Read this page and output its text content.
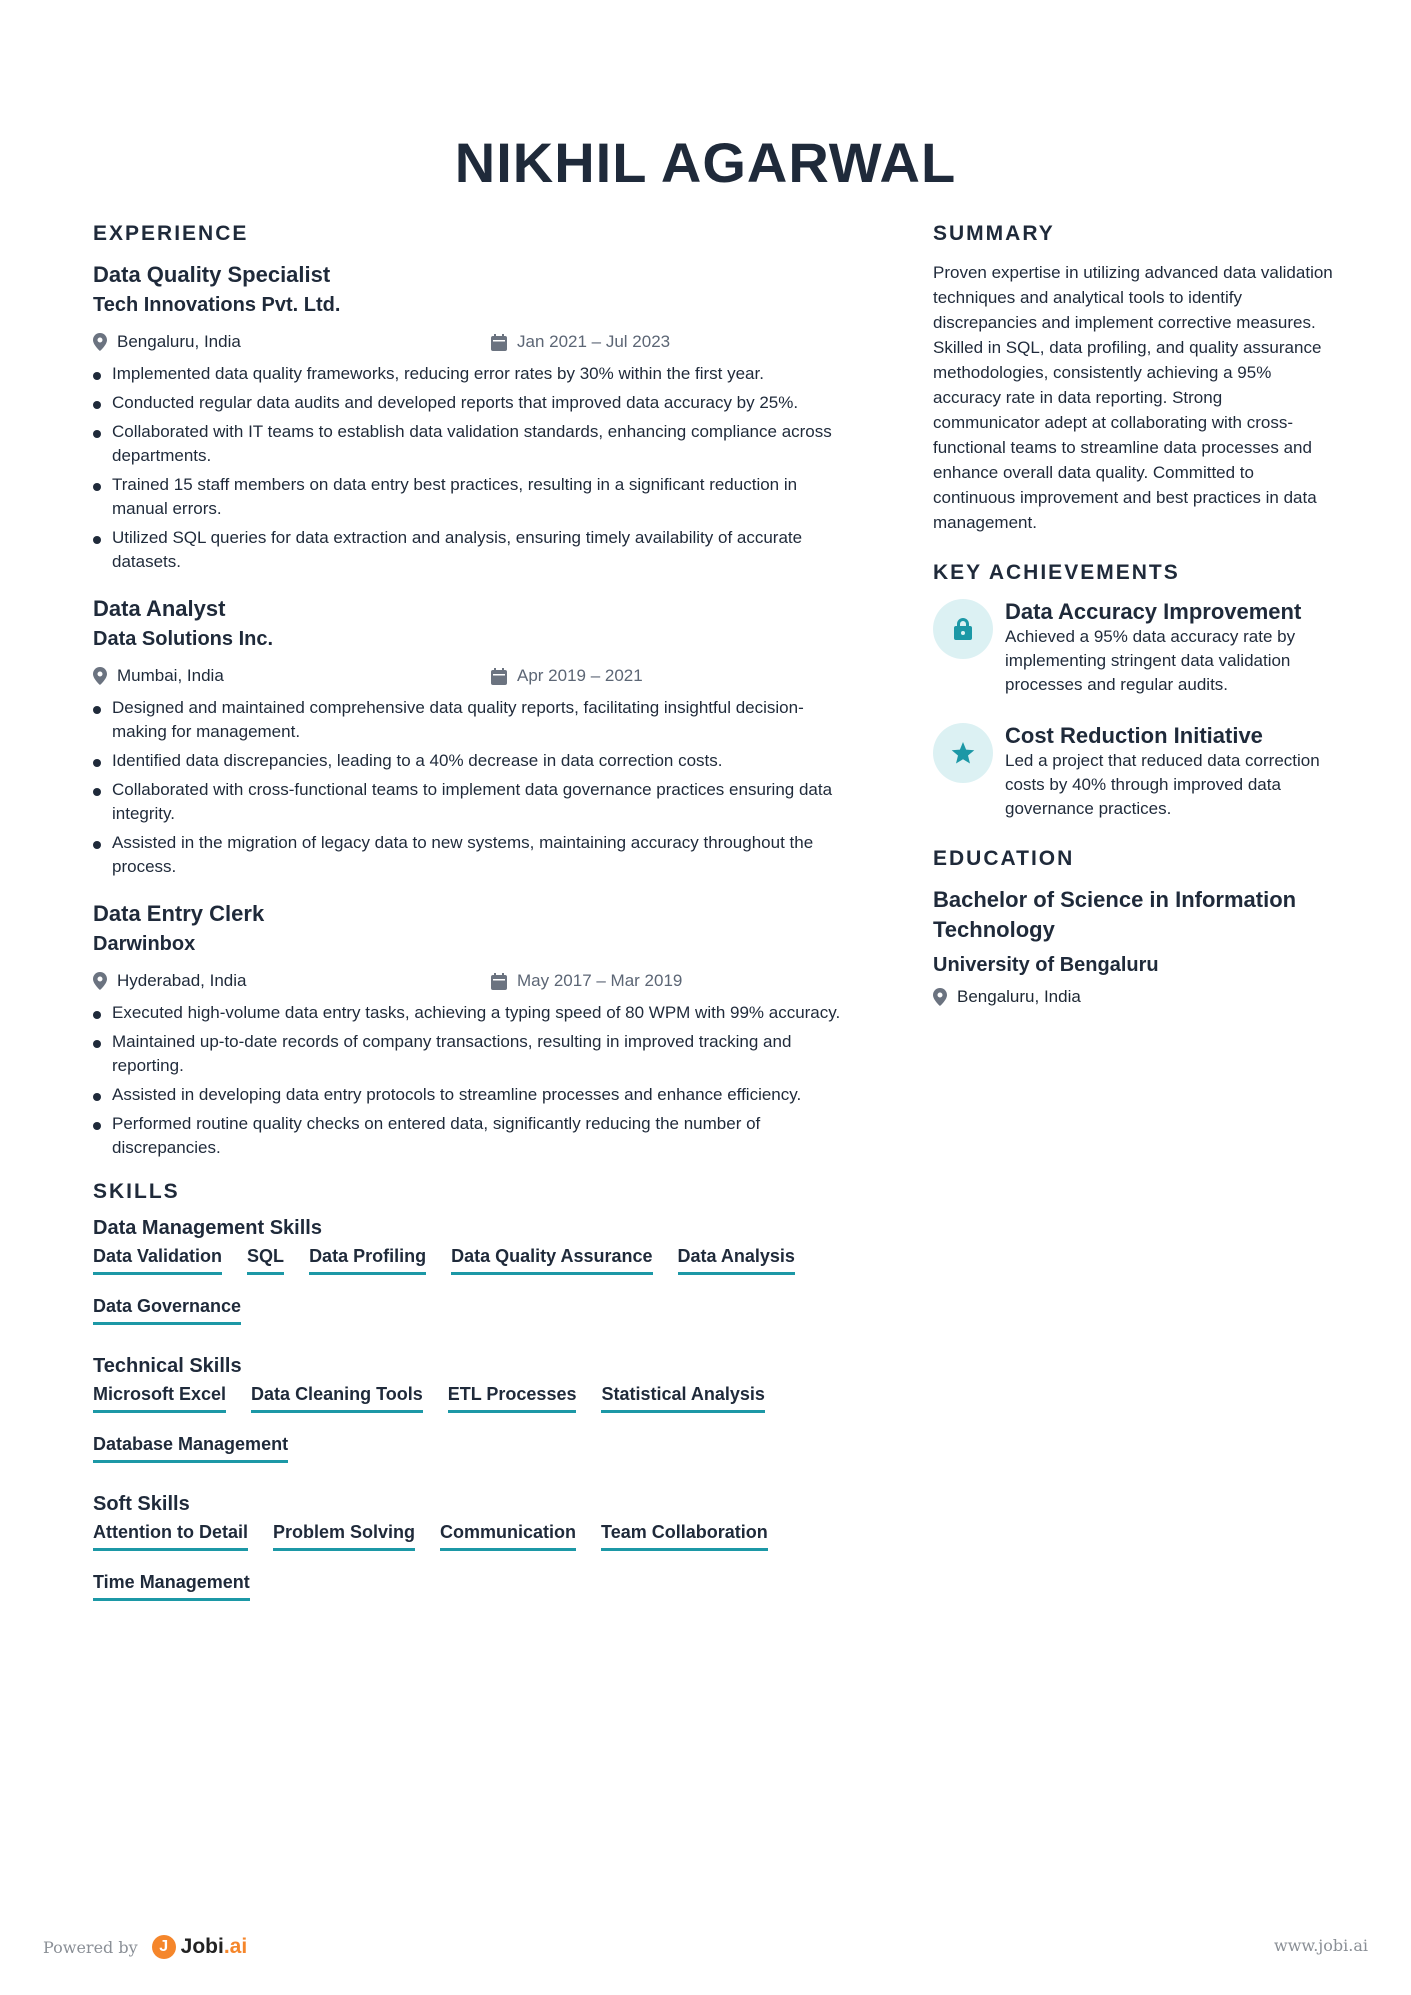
NIKHIL AGARWAL
EXPERIENCE
Data Quality Specialist
Tech Innovations Pvt. Ltd.
Bengaluru, India	Jan 2021 – Jul 2023
Implemented data quality frameworks, reducing error rates by 30% within the first year.
Conducted regular data audits and developed reports that improved data accuracy by 25%.
Collaborated with IT teams to establish data validation standards, enhancing compliance across departments.
Trained 15 staff members on data entry best practices, resulting in a significant reduction in manual errors.
Utilized SQL queries for data extraction and analysis, ensuring timely availability of accurate datasets.
Data Analyst
Data Solutions Inc.
Mumbai, India	Apr 2019 – 2021
Designed and maintained comprehensive data quality reports, facilitating insightful decision-making for management.
Identified data discrepancies, leading to a 40% decrease in data correction costs.
Collaborated with cross-functional teams to implement data governance practices ensuring data integrity.
Assisted in the migration of legacy data to new systems, maintaining accuracy throughout the process.
Data Entry Clerk
Darwinbox
Hyderabad, India	May 2017 – Mar 2019
Executed high-volume data entry tasks, achieving a typing speed of 80 WPM with 99% accuracy.
Maintained up-to-date records of company transactions, resulting in improved tracking and reporting.
Assisted in developing data entry protocols to streamline processes and enhance efficiency.
Performed routine quality checks on entered data, significantly reducing the number of discrepancies.
SKILLS
Data Management Skills
Data Validation SQL Data Profiling Data Quality Assurance Data Analysis
Data Governance
Technical Skills
Microsoft Excel Data Cleaning Tools ETL Processes Statistical Analysis
Database Management
Soft Skills
Attention to Detail Problem Solving Communication Team Collaboration
Time Management
SUMMARY
Proven expertise in utilizing advanced data validation techniques and analytical tools to identify discrepancies and implement corrective measures. Skilled in SQL, data profiling, and quality assurance methodologies, consistently achieving a 95% accuracy rate in data reporting. Strong communicator adept at collaborating with cross-functional teams to streamline data processes and enhance overall data quality. Committed to continuous improvement and best practices in data management.
KEY ACHIEVEMENTS
Data Accuracy Improvement
Achieved a 95% data accuracy rate by implementing stringent data validation processes and regular audits.
Cost Reduction Initiative
Led a project that reduced data correction costs by 40% through improved data governance practices.
EDUCATION
Bachelor of Science in Information Technology
University of Bengaluru
Bengaluru, India
Powered by	J Jobi.ai	www.jobi.ai
